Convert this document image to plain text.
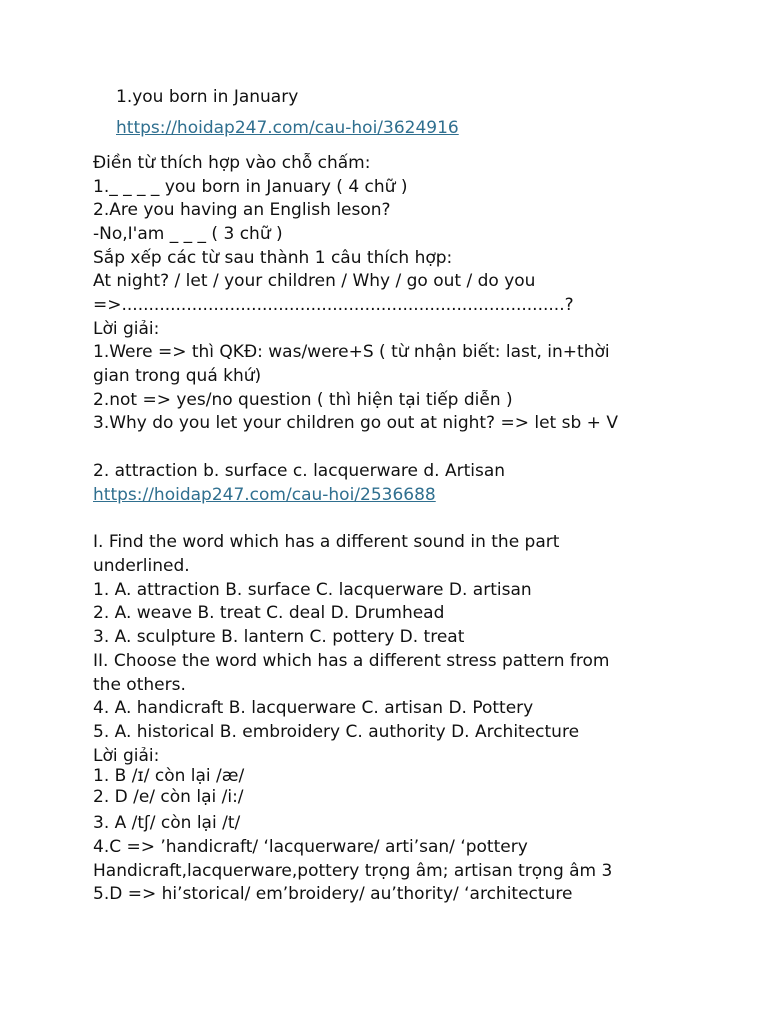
1.you born in January
https://hoidap247.com/cau-hoi/3624916
Điền từ thích hợp vào chỗ chấm:
1._ _ _ _ you born in January ( 4 chữ )
2.Are you having an English leson?
-No,I'am _ _ _ ( 3 chữ )
Sắp xếp các từ sau thành 1 câu thích hợp:
At night? / let / your children / Why / go out / do you
=>..................................................................................?
Lời giải:
1.Were => thì QKĐ: was/were+S ( từ nhận biết: last, in+thời
gian trong quá khứ)
2.not => yes/no question ( thì hiện tại tiếp diễn )
3.Why do you let your children go out at night? => let sb + V
2. attraction b. surface c. lacquerware d. Artisan
https://hoidap247.com/cau-hoi/2536688
I. Find the word which has a different sound in the part
underlined.
1. A. attraction B. surface C. lacquerware D. artisan
2. A. weave B. treat C. deal D. Drumhead
3. A. sculpture B. lantern C. pottery D. treat
II. Choose the word which has a different stress pattern from
the others.
4. A. handicraft B. lacquerware C. artisan D. Pottery
5. A. historical B. embroidery C. authority D. Architecture
Lời giải:
1. B /ɪ/ còn lại /æ/
2. D /e/ còn lại /i:/
3. A /tʃ/ còn lại /t/
4.C => ’handicraft/ ‘lacquerware/ arti’san/ ‘pottery
Handicraft,lacquerware,pottery trọng âm; artisan trọng âm 3
5.D => hi’storical/ em’broidery/ au’thority/ ‘architecture
